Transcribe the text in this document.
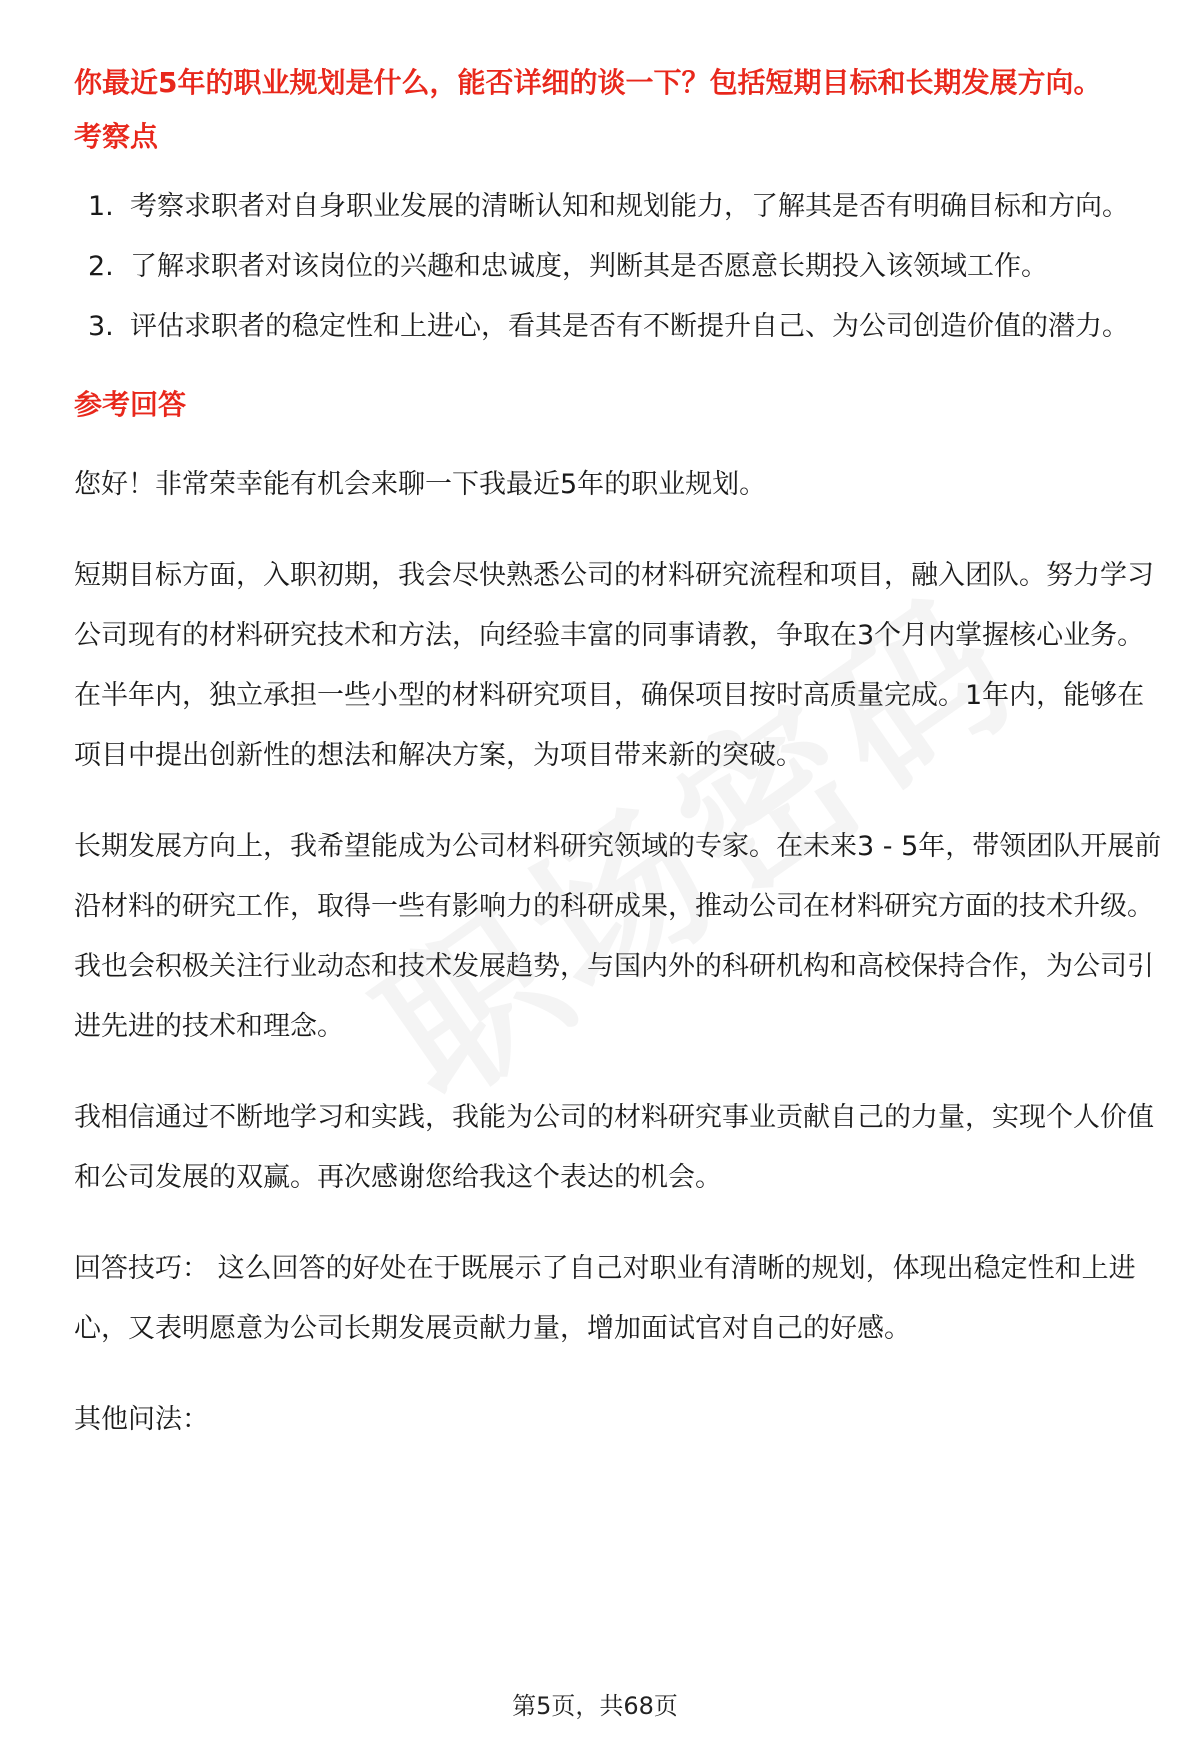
你最近5年的职业规划是什么，能否详细的谈一下？包括短期目标和长期发展方向。
考察点
1. 考察求职者对自身职业发展的清晰认知和规划能力，了解其是否有明确目标和方向。
2. 了解求职者对该岗位的兴趣和忠诚度，判断其是否愿意长期投入该领域工作。
3. 评估求职者的稳定性和上进心，看其是否有不断提升自己、为公司创造价值的潜力。
参考回答

您好！非常荣幸能有机会来聊一下我最近5年的职业规划。

短期目标方面，入职初期，我会尽快熟悉公司的材料研究流程和项目，融入团队。努力学习公司现有的材料研究技术和方法，向经验丰富的同事请教，争取在3个月内掌握核心业务。在半年内，独立承担一些小型的材料研究项目，确保项目按时高质量完成。1年内，能够在项目中提出创新性的想法和解决方案，为项目带来新的突破。

长期发展方向上，我希望能成为公司材料研究领域的专家。在未来3 - 5年，带领团队开展前沿材料的研究工作，取得一些有影响力的科研成果，推动公司在材料研究方面的技术升级。我也会积极关注行业动态和技术发展趋势，与国内外的科研机构和高校保持合作，为公司引进先进的技术和理念。

我相信通过不断地学习和实践，我能为公司的材料研究事业贡献自己的力量，实现个人价值和公司发展的双赢。再次感谢您给我这个表达的机会。

回答技巧： 这么回答的好处在于既展示了自己对职业有清晰的规划，体现出稳定性和上进心，又表明愿意为公司长期发展贡献力量，增加面试官对自己的好感。

其他问法：

第5页，共68页
